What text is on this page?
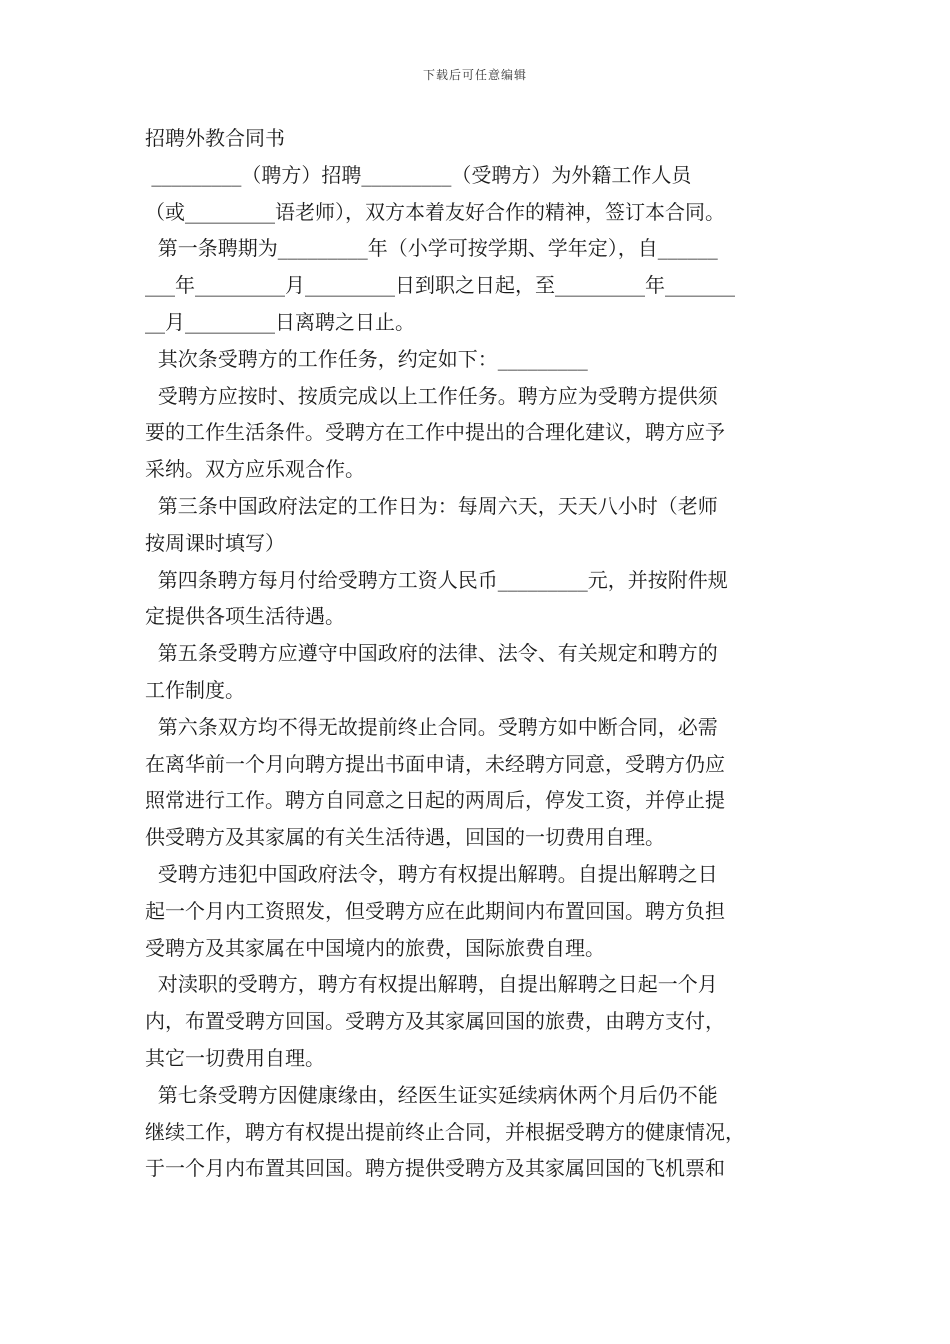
下载后可任意编辑
招聘外教合同书
_________（聘方）招聘_________（受聘方）为外籍工作人员
（或_________语老师），双方本着友好合作的精神，签订本合同。
第一条聘期为_________年（小学可按学期、学年定），自______
___年_________月_________日到职之日起，至_________年_______
__月_________日离聘之日止。
其次条受聘方的工作任务，约定如下：_________
受聘方应按时、按质完成以上工作任务。聘方应为受聘方提供须
要的工作生活条件。受聘方在工作中提出的合理化建议，聘方应予
采纳。双方应乐观合作。
第三条中国政府法定的工作日为：每周六天，天天八小时（老师
按周课时填写）
第四条聘方每月付给受聘方工资人民币_________元，并按附件规
定提供各项生活待遇。
第五条受聘方应遵守中国政府的法律、法令、有关规定和聘方的
工作制度。
第六条双方均不得无故提前终止合同。受聘方如中断合同，必需
在离华前一个月向聘方提出书面申请，未经聘方同意，受聘方仍应
照常进行工作。聘方自同意之日起的两周后，停发工资，并停止提
供受聘方及其家属的有关生活待遇，回国的一切费用自理。
受聘方违犯中国政府法令，聘方有权提出解聘。自提出解聘之日
起一个月内工资照发，但受聘方应在此期间内布置回国。聘方负担
受聘方及其家属在中国境内的旅费，国际旅费自理。
对渎职的受聘方，聘方有权提出解聘，自提出解聘之日起一个月
内，布置受聘方回国。受聘方及其家属回国的旅费，由聘方支付，
其它一切费用自理。
第七条受聘方因健康缘由，经医生证实延续病休两个月后仍不能
继续工作，聘方有权提出提前终止合同，并根据受聘方的健康情况，
于一个月内布置其回国。聘方提供受聘方及其家属回国的飞机票和
